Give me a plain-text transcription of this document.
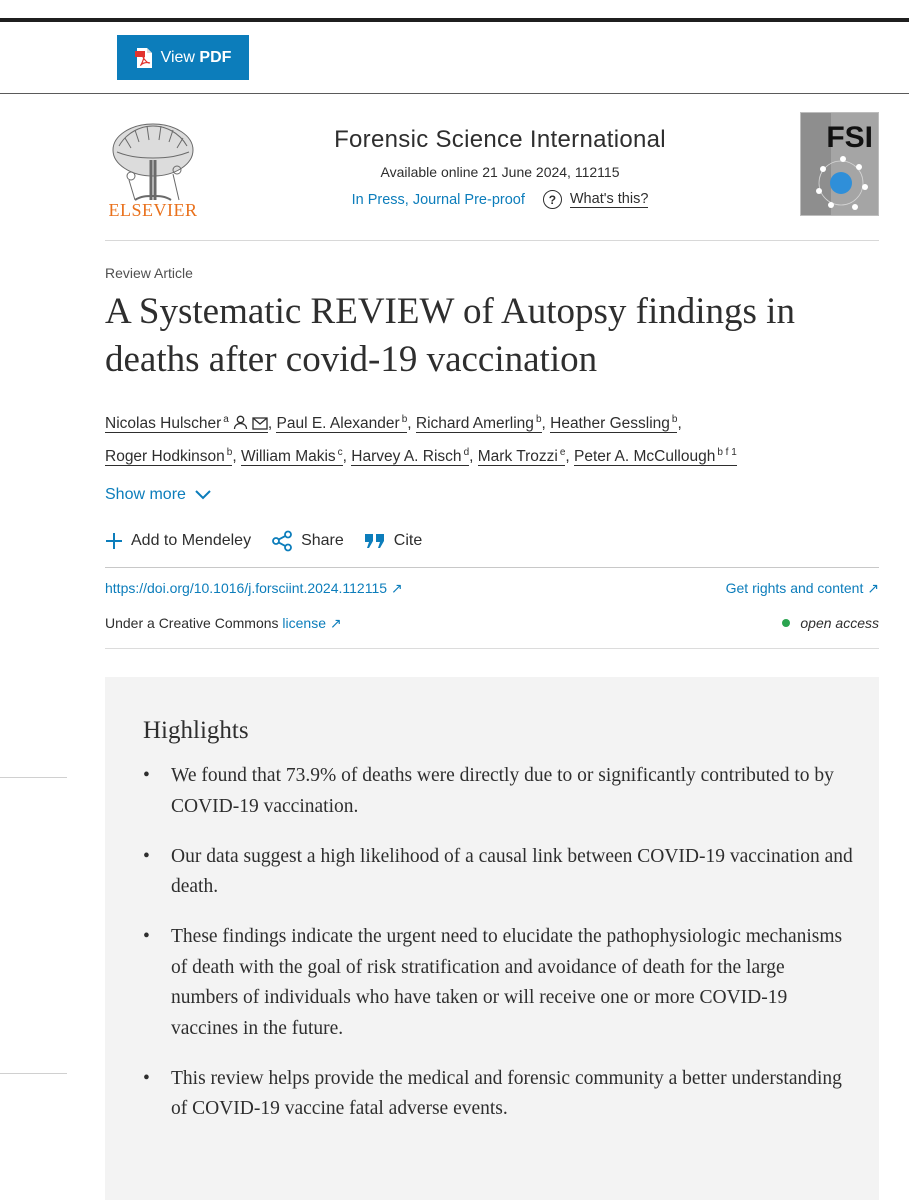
View PDF
ELSEVIER
Forensic Science International
Available online 21 June 2024, 112115
In Press, Journal Pre-proof	? What's this?
FSI
Review Article
A Systematic REVIEW of Autopsy findings in deaths after covid-19 vaccination
Nicolas Hulscher $^a$	, Paul E. Alexander $^b$, Richard Amerling $^b$, Heather Gessling $^b$,
Roger Hodkinson $^b$, William Makis $^c$, Harvey A. Risch $^d$, Mark Trozzi $^e$, Peter A. McCullough $^{b f 1}$
Show more
Add to Mendeley	Share	Cite
https://doi.org/10.1016/j.forsciint.2024.112115 ↗	Get rights and content ↗
Under a Creative Commons license ↗	open access
Highlights
• We found that 73.9% of deaths were directly due to or significantly contributed to by COVID-19 vaccination.
• Our data suggest a high likelihood of a causal link between COVID-19 vaccination and death.
• These findings indicate the urgent need to elucidate the pathophysiologic mechanisms of death with the goal of risk stratification and avoidance of death for the large numbers of individuals who have taken or will receive one or more COVID-19 vaccines in the future.
• This review helps provide the medical and forensic community a better understanding of COVID-19 vaccine fatal adverse events.
